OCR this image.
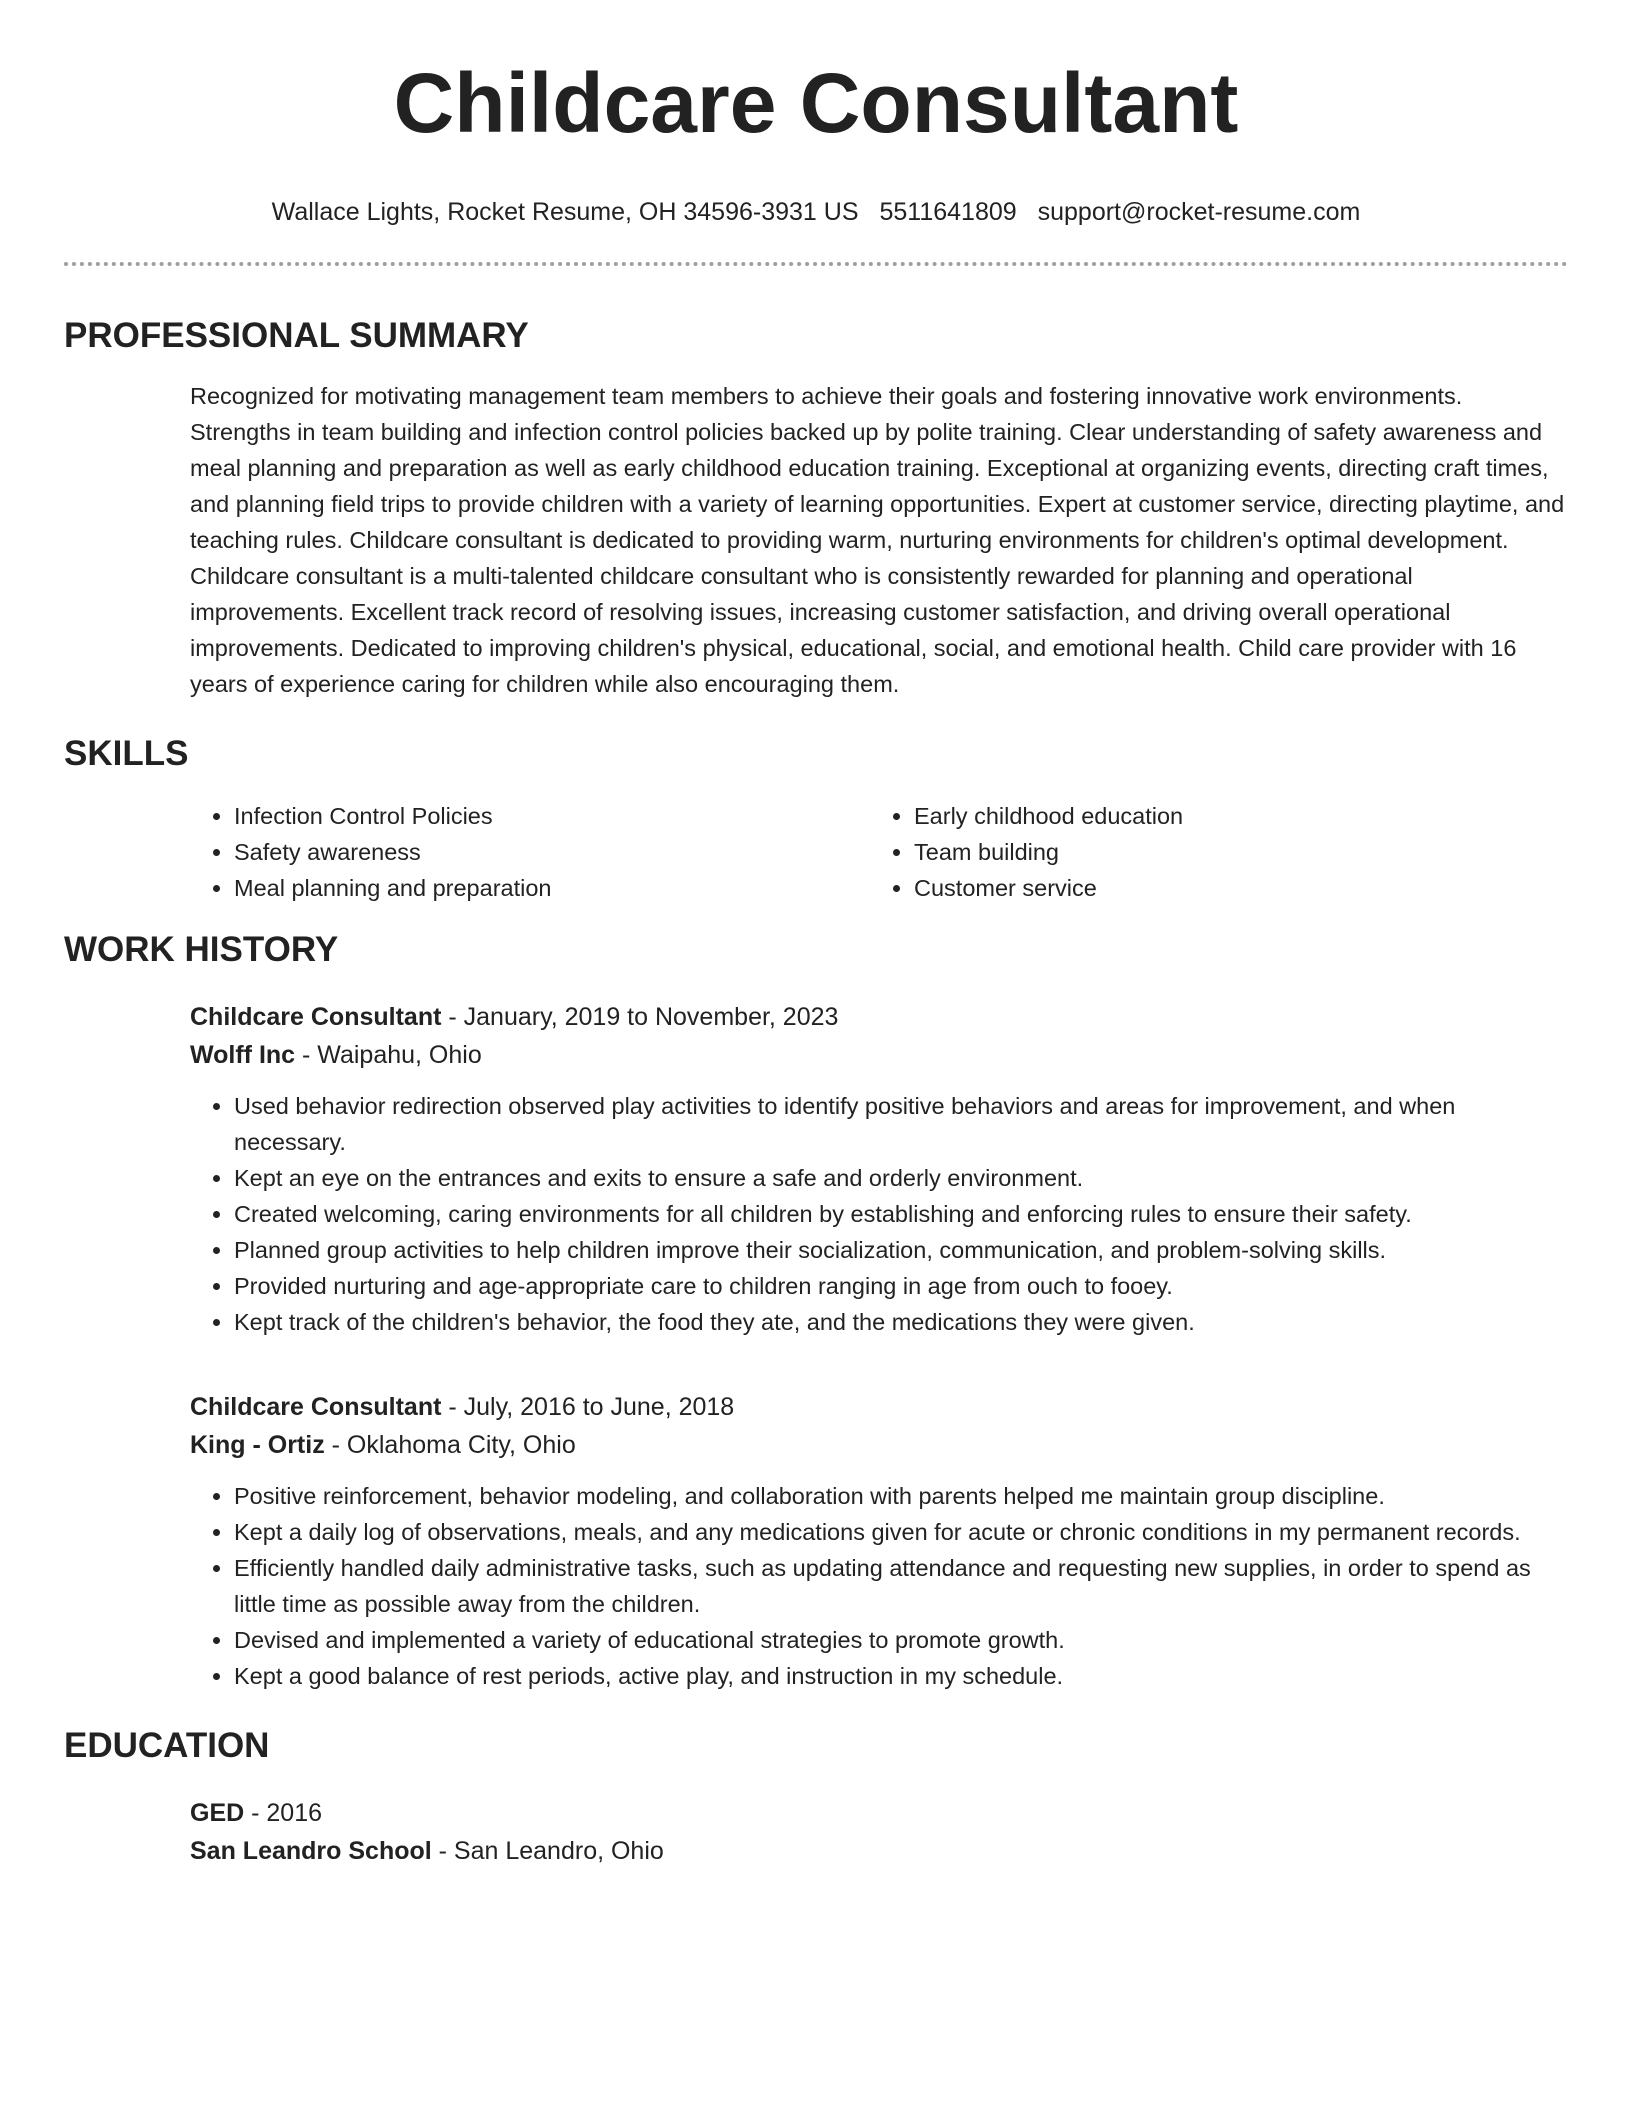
Childcare Consultant
Wallace Lights, Rocket Resume, OH 34596-3931 US 5511641809 support@rocket-resume.com
PROFESSIONAL SUMMARY

Recognized for motivating management team members to achieve their goals and fostering innovative work environments. Strengths in team building and infection control policies backed up by polite training. Clear understanding of safety awareness and meal planning and preparation as well as early childhood education training. Exceptional at organizing events, directing craft times, and planning field trips to provide children with a variety of learning opportunities. Expert at customer service, directing playtime, and teaching rules. Childcare consultant is dedicated to providing warm, nurturing environments for children's optimal development. Childcare consultant is a multi-talented childcare consultant who is consistently rewarded for planning and operational improvements. Excellent track record of resolving issues, increasing customer satisfaction, and driving overall operational improvements. Dedicated to improving children's physical, educational, social, and emotional health. Child care provider with 16 years of experience caring for children while also encouraging them.

SKILLS
• Infection Control Policies
• Safety awareness
• Meal planning and preparation
• Early childhood education
• Team building
• Customer service
WORK HISTORY
Childcare Consultant - January, 2019 to November, 2023
Wolff Inc - Waipahu, Ohio
• Used behavior redirection observed play activities to identify positive behaviors and areas for improvement, and when necessary.
• Kept an eye on the entrances and exits to ensure a safe and orderly environment.
• Created welcoming, caring environments for all children by establishing and enforcing rules to ensure their safety.
• Planned group activities to help children improve their socialization, communication, and problem-solving skills.
• Provided nurturing and age-appropriate care to children ranging in age from ouch to fooey.
• Kept track of the children's behavior, the food they ate, and the medications they were given.
Childcare Consultant - July, 2016 to June, 2018
King - Ortiz - Oklahoma City, Ohio
• Positive reinforcement, behavior modeling, and collaboration with parents helped me maintain group discipline.
• Kept a daily log of observations, meals, and any medications given for acute or chronic conditions in my permanent records.
• Efficiently handled daily administrative tasks, such as updating attendance and requesting new supplies, in order to spend as little time as possible away from the children.
• Devised and implemented a variety of educational strategies to promote growth.
• Kept a good balance of rest periods, active play, and instruction in my schedule.
EDUCATION
GED - 2016
San Leandro School - San Leandro, Ohio
